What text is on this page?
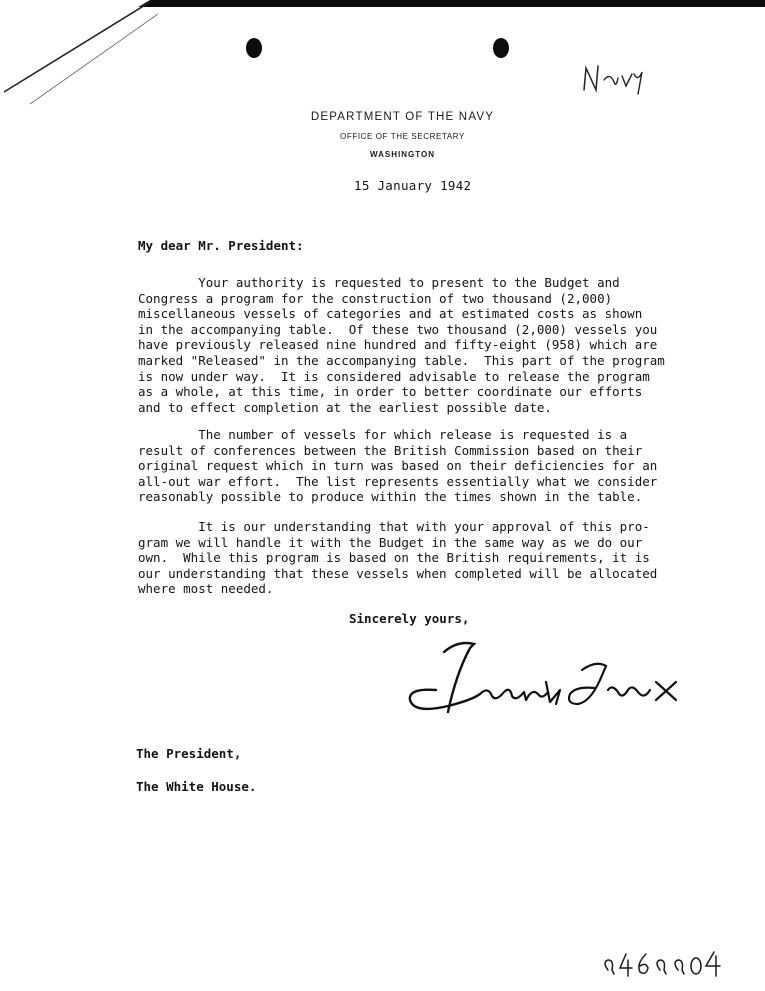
DEPARTMENT OF THE NAVY
OFFICE OF THE SECRETARY
WASHINGTON
15 January 1942
My dear Mr. President:
Your authority is requested to present to the Budget and
Congress a program for the construction of two thousand (2,000)
miscellaneous vessels of categories and at estimated costs as shown
in the accompanying table.  Of these two thousand (2,000) vessels you
have previously released nine hundred and fifty-eight (958) which are
marked "Released" in the accompanying table.  This part of the program
is now under way.  It is considered advisable to release the program
as a whole, at this time, in order to better coordinate our efforts
and to effect completion at the earliest possible date.
The number of vessels for which release is requested is a
result of conferences between the British Commission based on their
original request which in turn was based on their deficiencies for an
all-out war effort.  The list represents essentially what we consider
reasonably possible to produce within the times shown in the table.
It is our understanding that with your approval of this pro-
gram we will handle it with the Budget in the same way as we do our
own.  While this program is based on the British requirements, it is
our understanding that these vessels when completed will be allocated
where most needed.
Sincerely yours,
The President,
The White House.
